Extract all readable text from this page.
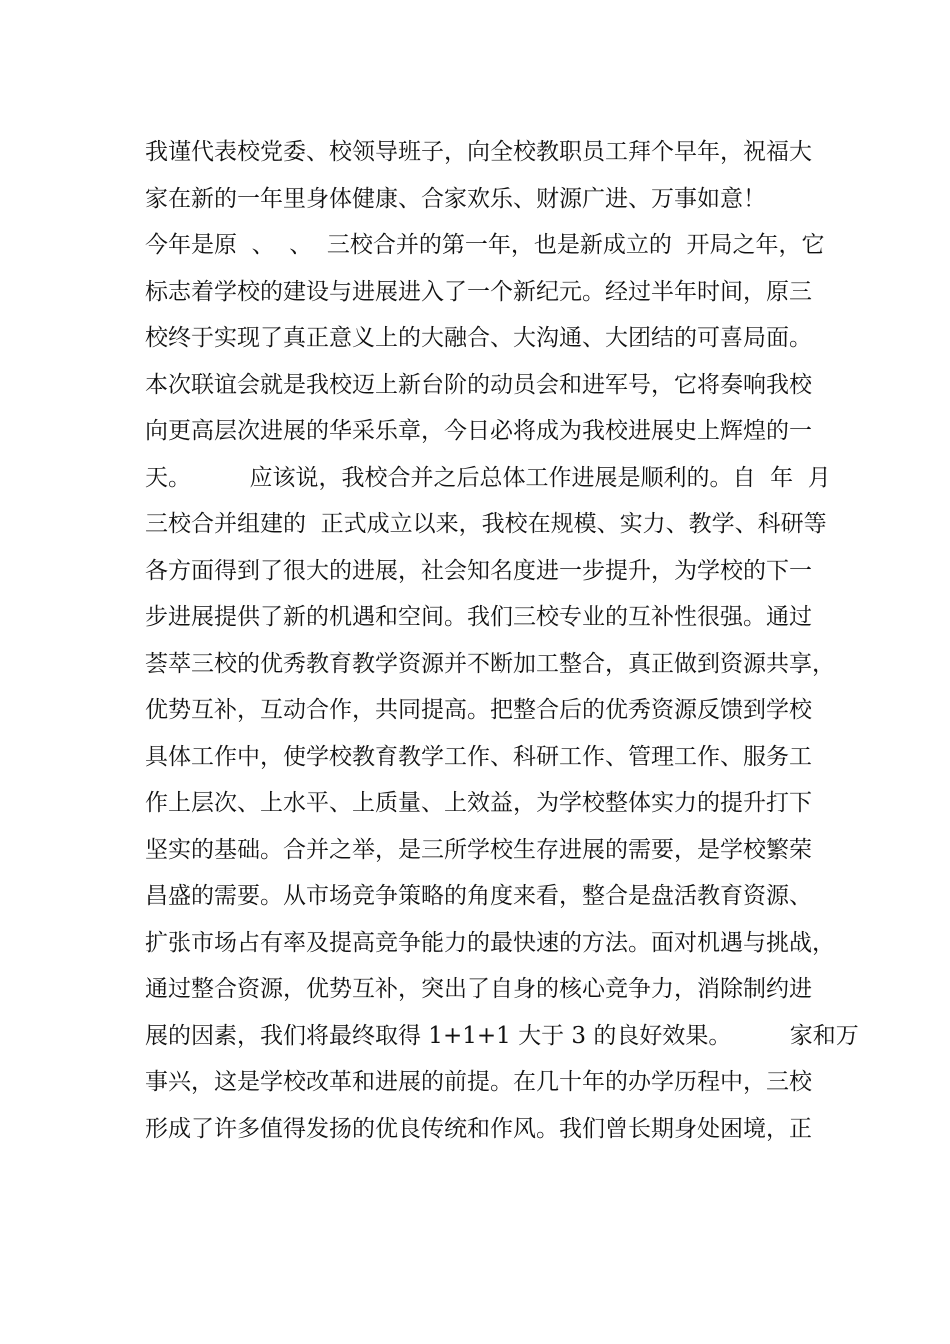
我谨代表校党委、校领导班子，向全校教职员工拜个早年，祝福大
家在新的一年里身体健康、合家欢乐、财源广进、万事如意！
今年是原  、  、  三校合并的第一年，也是新成立的  开局之年，它
标志着学校的建设与进展进入了一个新纪元。经过半年时间，原三
校终于实现了真正意义上的大融合、大沟通、大团结的可喜局面。
本次联谊会就是我校迈上新台阶的动员会和进军号，它将奏响我校
向更高层次进展的华采乐章，今日必将成为我校进展史上辉煌的一
天。        应该说，我校合并之后总体工作进展是顺利的。自  年  月
三校合并组建的  正式成立以来，我校在规模、实力、教学、科研等
各方面得到了很大的进展，社会知名度进一步提升，为学校的下一
步进展提供了新的机遇和空间。我们三校专业的互补性很强。通过
荟萃三校的优秀教育教学资源并不断加工整合，真正做到资源共享，
优势互补，互动合作，共同提高。把整合后的优秀资源反馈到学校
具体工作中，使学校教育教学工作、科研工作、管理工作、服务工
作上层次、上水平、上质量、上效益，为学校整体实力的提升打下
坚实的基础。合并之举，是三所学校生存进展的需要，是学校繁荣
昌盛的需要。从市场竞争策略的角度来看，整合是盘活教育资源、
扩张市场占有率及提高竞争能力的最快速的方法。面对机遇与挑战，
通过整合资源，优势互补，突出了自身的核心竞争力，消除制约进
展的因素，我们将最终取得 1+1+1 大于 3 的良好效果。        家和万
事兴，这是学校改革和进展的前提。在几十年的办学历程中，三校
形成了许多值得发扬的优良传统和作风。我们曾长期身处困境，正
